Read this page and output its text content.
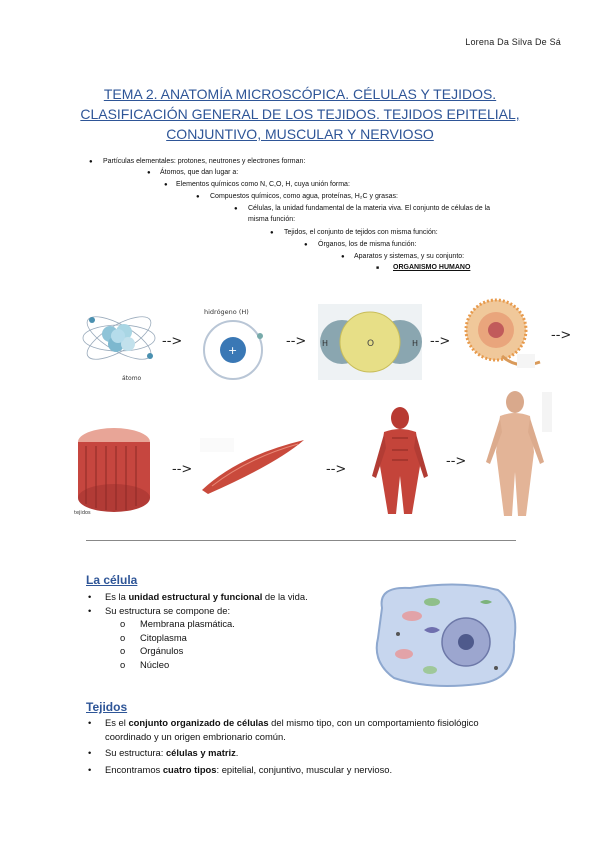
Lorena Da Silva De Sá
TEMA 2. ANATOMÍA MICROSCÓPICA. CÉLULAS Y TEJIDOS.
CLASIFICACIÓN GENERAL DE LOS TEJIDOS. TEJIDOS EPITELIAL,
CONJUNTIVO, MUSCULAR Y NERVIOSO
● Partículas elementales: protones, neutrones y electrones forman:
● Átomos, que dan lugar a:
● Elementos químicos como N, C,O, H, cuya unión forma:
● Compuestos químicos, como agua, proteínas, H₂C y grasas:
● Células, la unidad fundamental de la materia viva. El conjunto de células de la misma función:
● Tejidos, el conjunto de tejidos con misma función:
● Órganos, los de misma función:
● Aparatos y sistemas, y su conjunto:
■ ORGANISMO HUMANO
átomo
-->
hidrógeno (H)
+
-->	O
H	H -->	-->
tejidos
-->	-->
-->
La célula
• Es la unidad estructural y funcional de la vida.
• Su estructura se compone de:
o Membrana plasmática.
o Citoplasma
o Orgánulos
o Núcleo
Tejidos
• Es el conjunto organizado de células del mismo tipo, con un comportamiento fisiológico
coordinado y un origen embrionario común.
• Su estructura: células y matriz.
• Encontramos cuatro tipos: epitelial, conjuntivo, muscular y nervioso.
